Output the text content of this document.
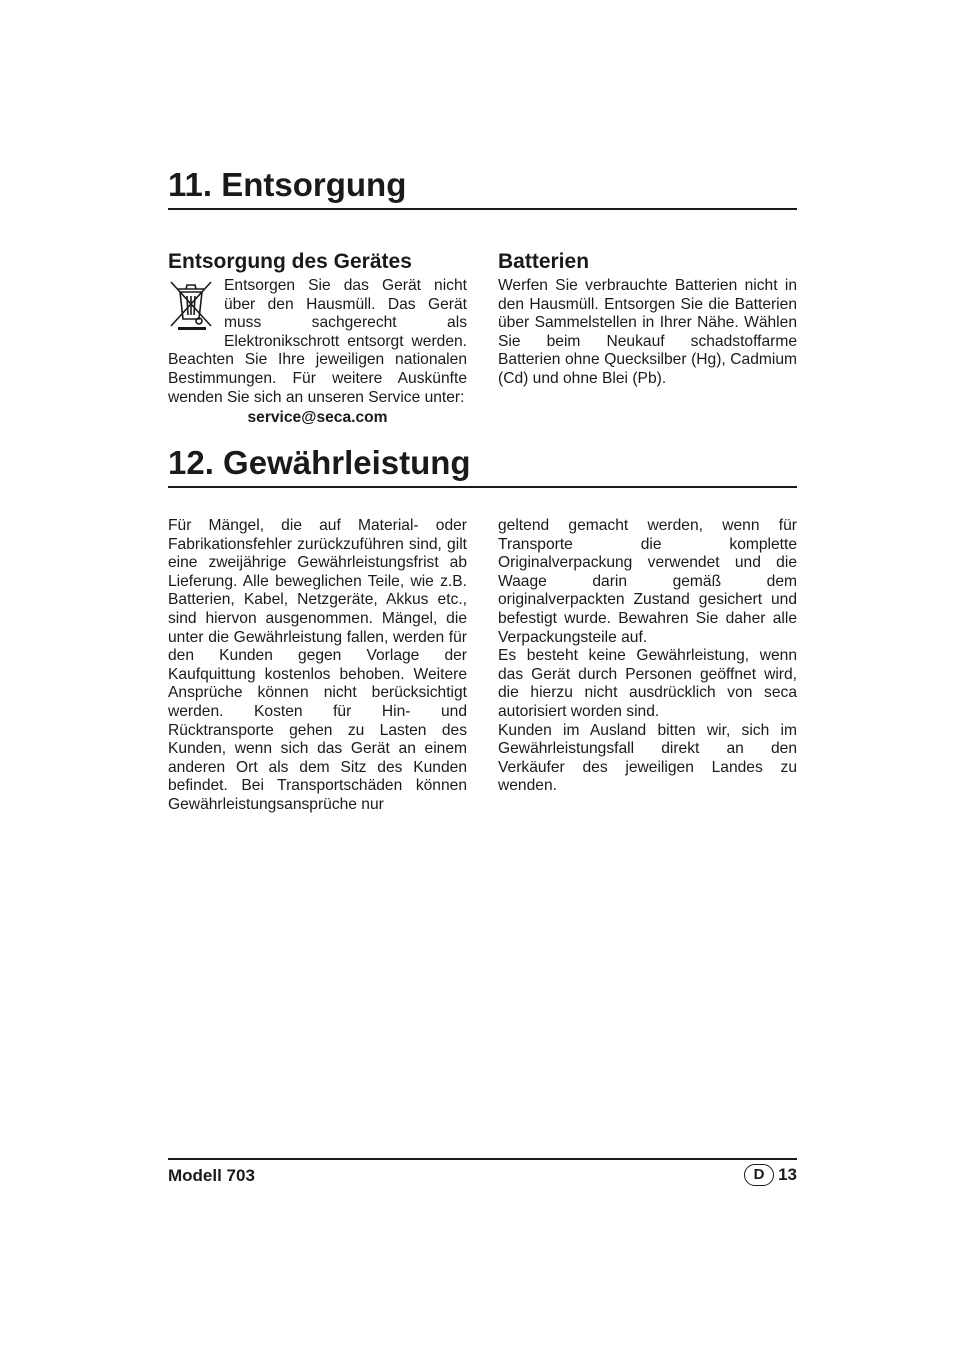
11. Entsorgung
Entsorgung des Gerätes	Batterien

Entsorgen Sie das Gerät nicht über den Hausmüll. Das Gerät muss sachgerecht als Elektronikschrott entsorgt werden. Beachten Sie Ihre jeweiligen nationalen Bestimmungen. Für weitere Auskünfte wenden Sie sich an unseren Service unter:

service@seca.com

Werfen Sie verbrauchte Batterien nicht in den Hausmüll. Entsorgen Sie die Batterien über Sammelstellen in Ihrer Nähe. Wählen Sie beim Neukauf schadstoffarme Batterien ohne Quecksilber (Hg), Cadmium (Cd) und ohne Blei (Pb).

12. Gewährleistung

Für Mängel, die auf Material- oder Fabrikationsfehler zurückzuführen sind, gilt eine zweijährige Gewährleistungsfrist ab Lieferung. Alle beweglichen Teile, wie z.B. Batterien, Kabel, Netzgeräte, Akkus etc., sind hiervon ausgenommen. Mängel, die unter die Gewährleistung fallen, werden für den Kunden gegen Vorlage der Kaufquittung kostenlos behoben. Weitere Ansprüche können nicht berücksichtigt werden. Kosten für Hin- und Rücktransporte gehen zu Lasten des Kunden, wenn sich das Gerät an einem anderen Ort als dem Sitz des Kunden befindet. Bei Transportschäden können Gewährleistungsansprüche nur

geltend gemacht werden, wenn für Transporte die komplette Originalverpackung verwendet und die Waage darin gemäß dem originalverpackten Zustand gesichert und befestigt wurde. Bewahren Sie daher alle Verpackungsteile auf.

Es besteht keine Gewährleistung, wenn das Gerät durch Personen geöffnet wird, die hierzu nicht ausdrücklich von seca autorisiert worden sind.

Kunden im Ausland bitten wir, sich im Gewährleistungsfall direkt an den Verkäufer des jeweiligen Landes zu wenden.

Modell 703	D 13
